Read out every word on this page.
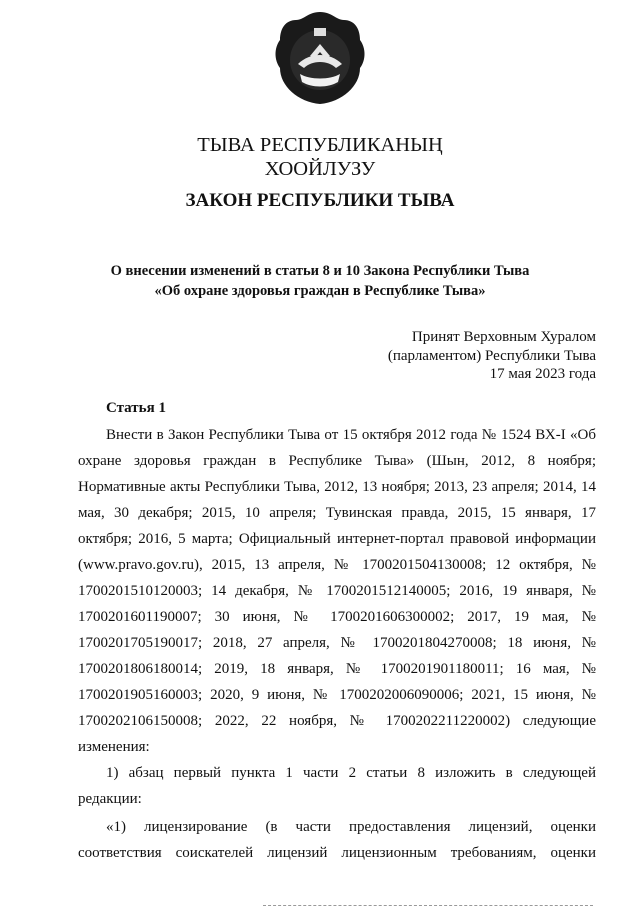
ТЫВА РЕСПУБЛИКАНЫҢ
ХООЙЛУЗУ
ЗАКОН РЕСПУБЛИКИ ТЫВА
О внесении изменений в статьи 8 и 10 Закона Республики Тыва
«Об охране здоровья граждан в Республике Тыва»
Принят Верховным Хуралом
(парламентом) Республики Тыва
17 мая 2023 года
Статья 1
Внести в Закон Республики Тыва от 15 октября 2012 года № 1524 ВХ-I «Об
охране здоровья граждан в Республике Тыва» (Шын, 2012, 8 ноября;
Нормативные акты Республики Тыва, 2012, 13 ноября; 2013, 23 апреля; 2014, 14
мая, 30 декабря; 2015, 10 апреля; Тувинская правда, 2015, 15 января, 17
октября; 2016, 5 марта; Официальный интернет-портал правовой информации
(www.pravo.gov.ru), 2015, 13 апреля, № 1700201504130008; 12 октября, №
1700201510120003; 14 декабря, № 1700201512140005; 2016, 19 января, №
1700201601190007; 30 июня, № 1700201606300002; 2017, 19 мая, №
1700201705190017; 2018, 27 апреля, № 1700201804270008; 18 июня, №
1700201806180014; 2019, 18 января, № 1700201901180011; 16 мая, №
1700201905160003; 2020, 9 июня, № 1700202006090006; 2021, 15 июня, №
1700202106150008; 2022, 22 ноября, № 1700202211220002) следующие
изменения:
1) абзац первый пункта 1 части 2 статьи 8 изложить в следующей
редакции:
«1) лицензирование (в части предоставления лицензий, оценки
соответствия соискателей лицензий лицензионным требованиям, оценки
